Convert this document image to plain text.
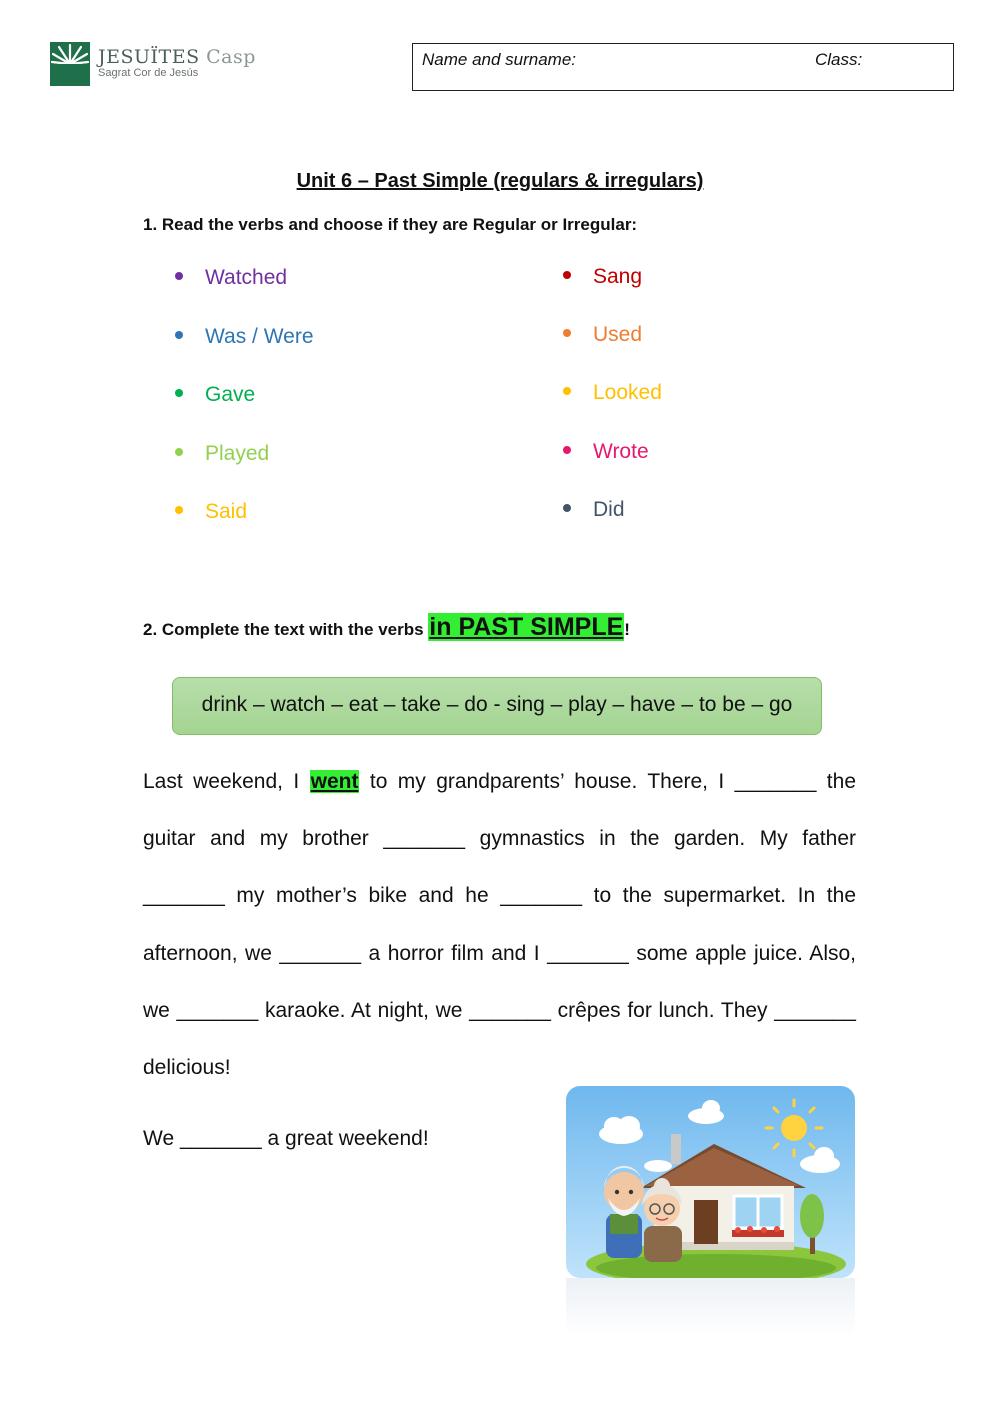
JESUÏTES Casp
Sagrat Cor de Jesús
Name and surname:	Class:
Unit 6 – Past Simple (regulars & irregulars)
1. Read the verbs and choose if they are Regular or Irregular:
Watched
Was / Were
Gave
Played
Said
Sang
Used
Looked
Wrote
Did
2. Complete the text with the verbs in PAST SIMPLE!
drink – watch – eat – take – do - sing – play – have – to be – go
Last weekend, I went to my grandparents’ house. There, I _______ the
guitar and my brother _______ gymnastics in the garden. My father
_______ my mother’s bike and he _______ to the supermarket. In the
afternoon, we _______ a horror film and I _______ some apple juice. Also,
we _______ karaoke. At night, we _______ crêpes for lunch. They _______
delicious!
We _______ a great weekend!
